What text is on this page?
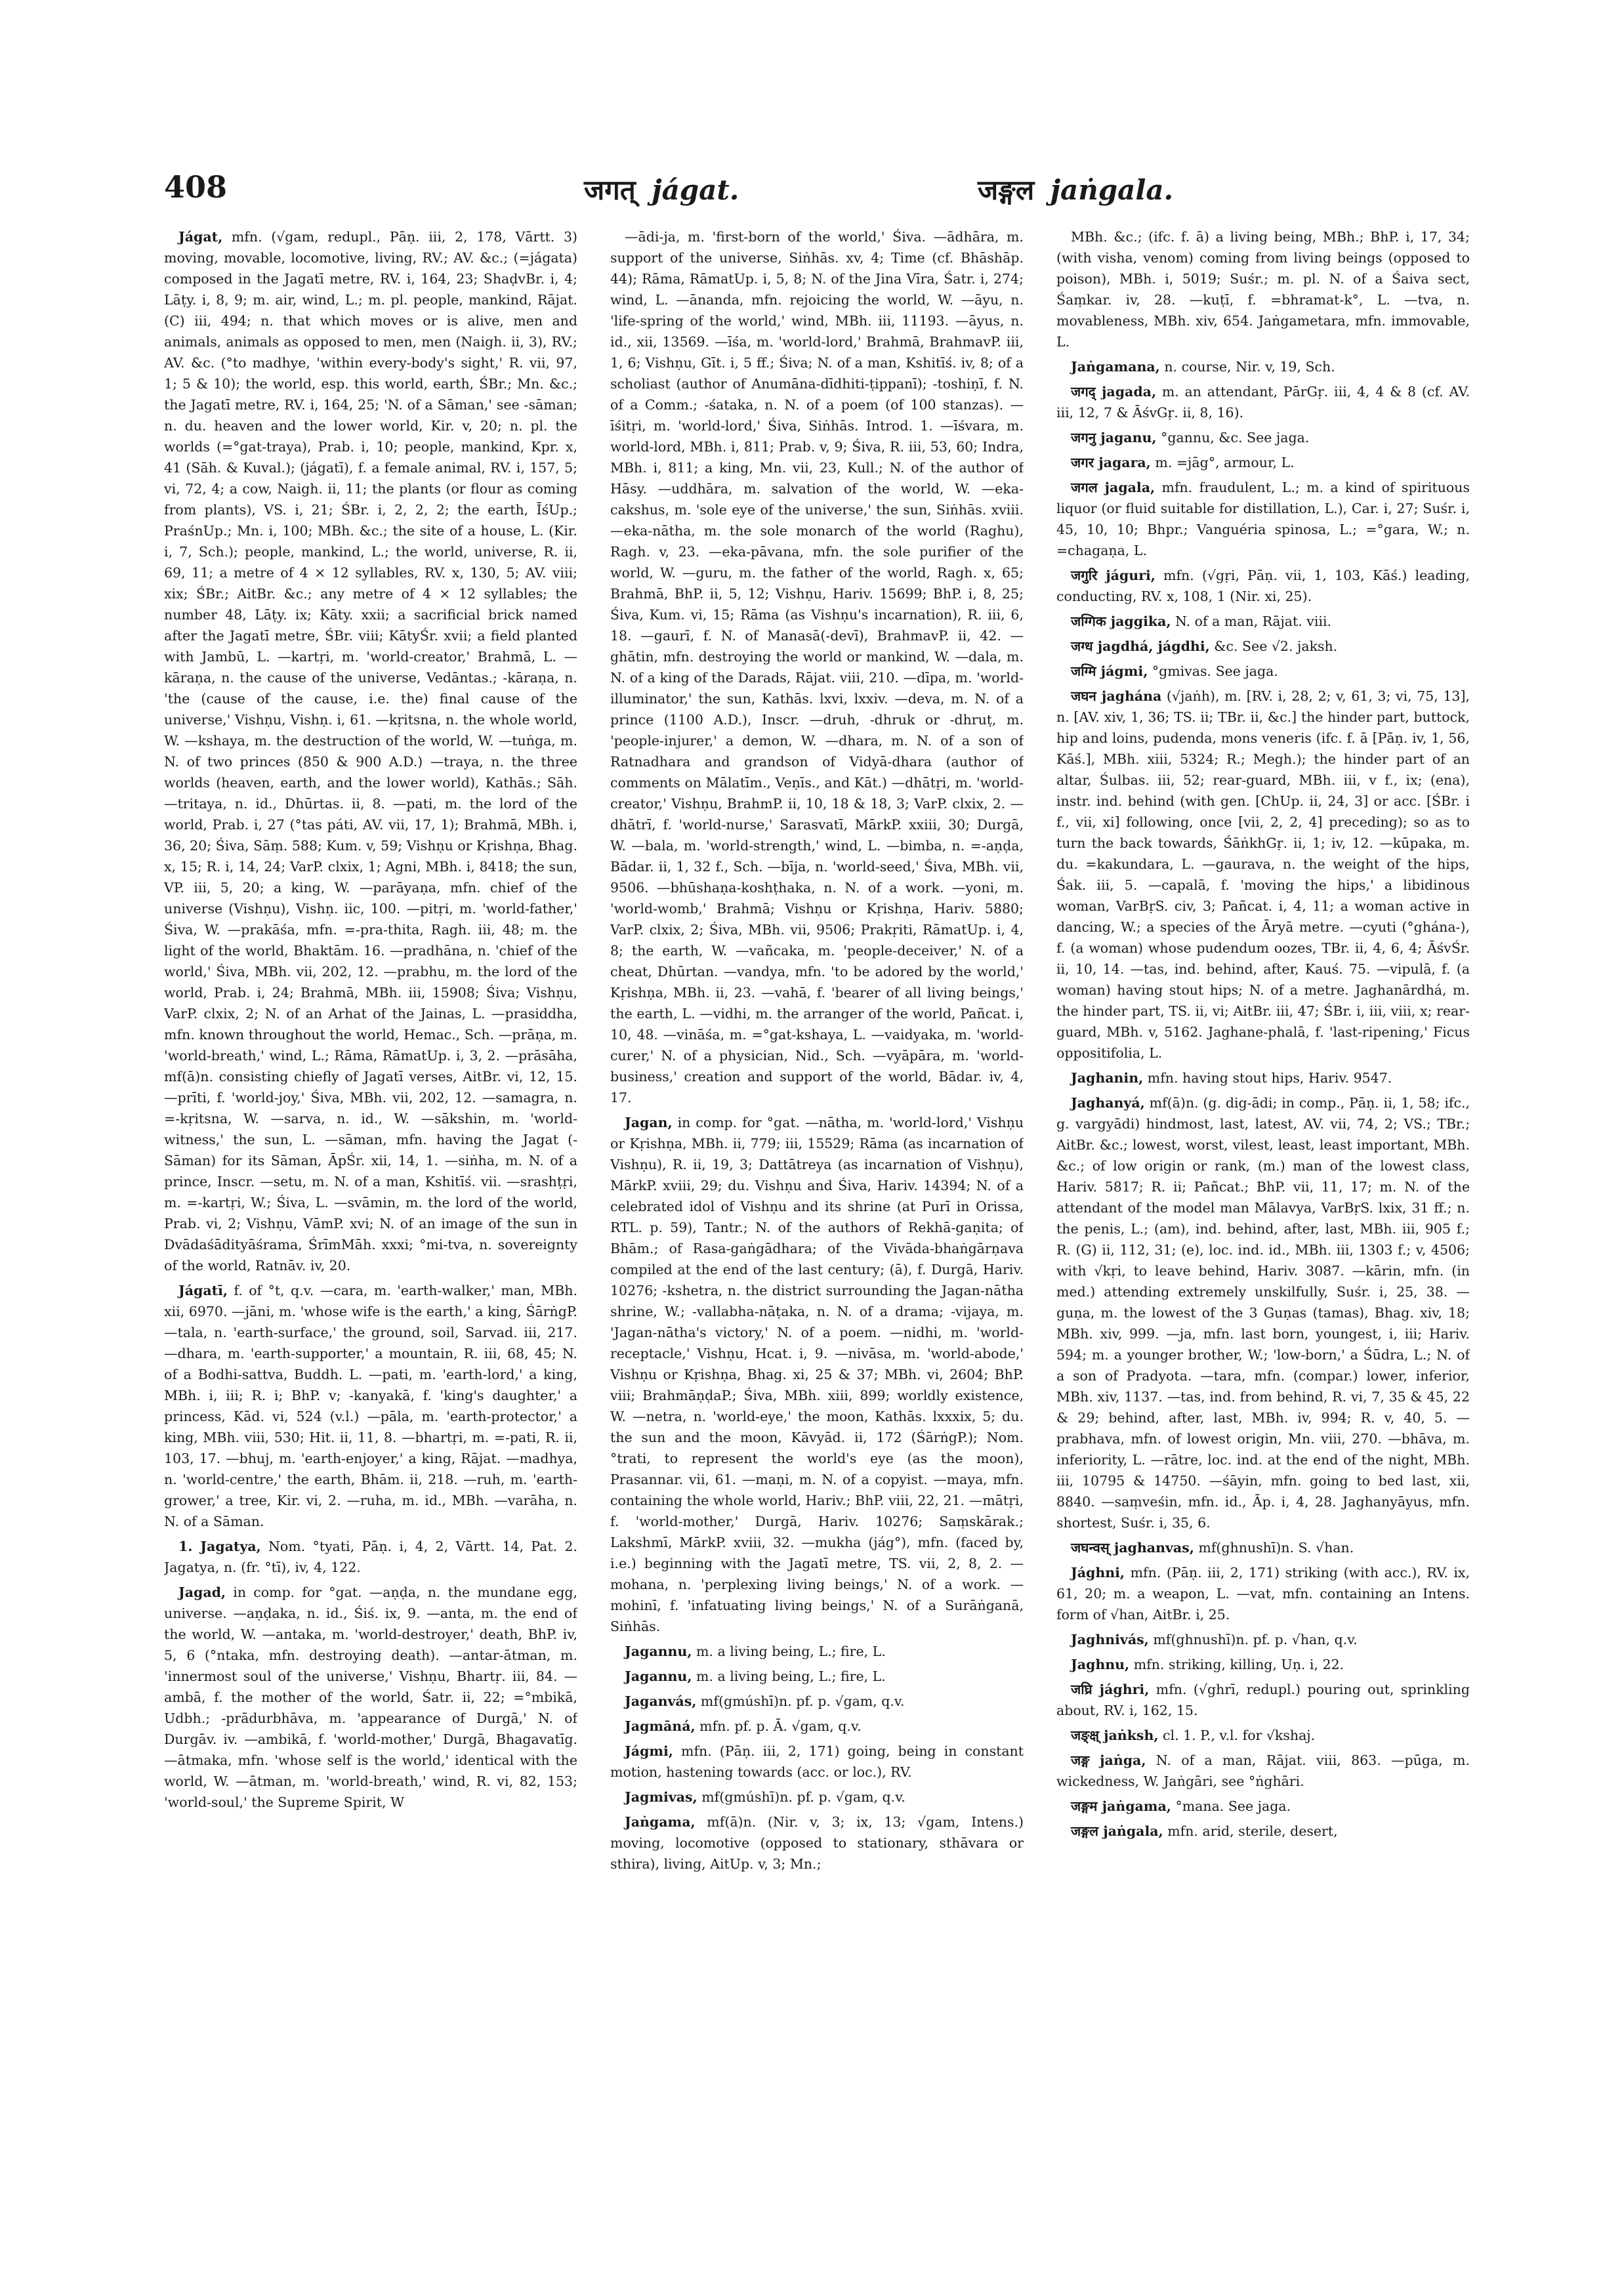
408	जगत् jágat.	जङ्गल jaṅgala.

Jágat, mfn. (√gam, redupl., Pāṇ. iii, 2, 178, Vārtt. 3) moving, movable, locomotive, living, RV.; AV. &c.; (=jágata) composed in the Jagatī metre, RV. i, 164, 23; ShaḍvBr. i, 4; Lāṭy. i, 8, 9; m. air, wind, L.; m. pl. people, mankind, Rājat. (C) iii, 494; n. that which moves or is alive, men and animals, animals as opposed to men, men (Naigh. ii, 3), RV.; AV. &c. (°to madhye, 'within every-body's sight,' R. vii, 97, 1; 5 & 10); the world, esp. this world, earth, ŚBr.; Mn. &c.; the Jagatī metre, RV. i, 164, 25; 'N. of a Sāman,' see -sāman; n. du. heaven and the lower world, Kir. v, 20; n. pl. the worlds (=°gat-traya), Prab. i, 10; people, mankind, Kpr. x, 41 (Sāh. & Kuval.); (jágatī), f. a female animal, RV. i, 157, 5; vi, 72, 4; a cow, Naigh. ii, 11; the plants (or flour as coming from plants), VS. i, 21; ŚBr. i, 2, 2, 2; the earth, ĪśUp.; PraśnUp.; Mn. i, 100; MBh. &c.; the site of a house, L. (Kir. i, 7, Sch.); people, mankind, L.; the world, universe, R. ii, 69, 11; a metre of 4 × 12 syllables, RV. x, 130, 5; AV. viii; xix; ŚBr.; AitBr. &c.; any metre of 4 × 12 syllables; the number 48, Lāṭy. ix; Kāty. xxii; a sacrificial brick named after the Jagatī metre, ŚBr. viii; KātyŚr. xvii; a field planted with Jambū, L. —kartṛi, m. 'world-creator,' Brahmā, L. —kāraṇa, n. the cause of the universe, Vedāntas.; -kāraṇa, n. 'the (cause of the cause, i.e. the) final cause of the universe,' Vishṇu, Vishṇ. i, 61. —kṛitsna, n. the whole world, W. —kshaya, m. the destruction of the world, W. —tuṅga, m. N. of two princes (850 & 900 A.D.) —traya, n. the three worlds (heaven, earth, and the lower world), Kathās.; Sāh. —tritaya, n. id., Dhūrtas. ii, 8. —pati, m. the lord of the world, Prab. i, 27 (°tas páti, AV. vii, 17, 1); Brahmā, MBh. i, 36, 20; Śiva, Sāṃ. 588; Kum. v, 59; Vishṇu or Kṛishṇa, Bhag. x, 15; R. i, 14, 24; VarP. clxix, 1; Agni, MBh. i, 8418; the sun, VP. iii, 5, 20; a king, W. —parāyaṇa, mfn. chief of the universe (Vishṇu), Vishṇ. iic, 100. —pitṛi, m. 'world-father,' Śiva, W. —prakāśa, mfn. =-pra-thita, Ragh. iii, 48; m. the light of the world, Bhaktām. 16. —pradhāna, n. 'chief of the world,' Śiva, MBh. vii, 202, 12. —prabhu, m. the lord of the world, Prab. i, 24; Brahmā, MBh. iii, 15908; Śiva; Vishṇu, VarP. clxix, 2; N. of an Arhat of the Jainas, L. —prasiddha, mfn. known throughout the world, Hemac., Sch. —prāṇa, m. 'world-breath,' wind, L.; Rāma, RāmatUp. i, 3, 2. —prāsāha, mf(ā)n. consisting chiefly of Jagatī verses, AitBr. vi, 12, 15. —prīti, f. 'world-joy,' Śiva, MBh. vii, 202, 12. —samagra, n. =-kṛitsna, W. —sarva, n. id., W. —sākshin, m. 'world-witness,' the sun, L. —sāman, mfn. having the Jagat (-Sāman) for its Sāman, ĀpŚr. xii, 14, 1. —siṅha, m. N. of a prince, Inscr. —setu, m. N. of a man, Kshitīś. vii. —srashṭṛi, m. =-kartṛi, W.; Śiva, L. —svāmin, m. the lord of the world, Prab. vi, 2; Vishṇu, VāmP. xvi; N. of an image of the sun in Dvādaśādityāśrama, ŚrīmMāh. xxxi; °mi-tva, n. sovereignty of the world, Ratnāv. iv, 20.

Jágatī, f. of °t, q.v. —cara, m. 'earth-walker,' man, MBh. xii, 6970. —jāni, m. 'whose wife is the earth,' a king, ŚārṅgP. —tala, n. 'earth-surface,' the ground, soil, Sarvad. iii, 217. —dhara, m. 'earth-supporter,' a mountain, R. iii, 68, 45; N. of a Bodhi-sattva, Buddh. L. —pati, m. 'earth-lord,' a king, MBh. i, iii; R. i; BhP. v; -kanyakā, f. 'king's daughter,' a princess, Kād. vi, 524 (v.l.) —pāla, m. 'earth-protector,' a king, MBh. viii, 530; Hit. ii, 11, 8. —bhartṛi, m. =-pati, R. ii, 103, 17. —bhuj, m. 'earth-enjoyer,' a king, Rājat. —madhya, n. 'world-centre,' the earth, Bhām. ii, 218. —ruh, m. 'earth-grower,' a tree, Kir. vi, 2. —ruha, m. id., MBh. —varāha, n. N. of a Sāman.

1. Jagatya, Nom. °tyati, Pāṇ. i, 4, 2, Vārtt. 14, Pat. 2. Jagatya, n. (fr. °tī), iv, 4, 122.

Jagad, in comp. for °gat. —aṇḍa, n. the mundane egg, universe. —aṇḍaka, n. id., Śiś. ix, 9. —anta, m. the end of the world, W. —antaka, m. 'world-destroyer,' death, BhP. iv, 5, 6 (°ntaka, mfn. destroying death). —antar-ātman, m. 'innermost soul of the universe,' Vishṇu, Bhartṛ. iii, 84. —ambā, f. the mother of the world, Śatr. ii, 22; =°mbikā, Udbh.; -prādurbhāva, m. 'appearance of Durgā,' N. of Durgāv. iv. —ambikā, f. 'world-mother,' Durgā, Bhagavatīg. —ātmaka, mfn. 'whose self is the world,' identical with the world, W. —ātman, m. 'world-breath,' wind, R. vi, 82, 153; 'world-soul,' the Supreme Spirit, W

—ādi-ja, m. 'first-born of the world,' Śiva. —ādhāra, m. support of the universe, Siṅhās. xv, 4; Time (cf. Bhāshāp. 44); Rāma, RāmatUp. i, 5, 8; N. of the Jina Vīra, Śatr. i, 274; wind, L. —ānanda, mfn. rejoicing the world, W. —āyu, n. 'life-spring of the world,' wind, MBh. iii, 11193. —āyus, n. id., xii, 13569. —īśa, m. 'world-lord,' Brahmā, BrahmavP. iii, 1, 6; Vishṇu, Gīt. i, 5 ff.; Śiva; N. of a man, Kshitīś. iv, 8; of a scholiast (author of Anumāna-dīdhiti-ṭippanī); -toshiṇī, f. N. of a Comm.; -śataka, n. N. of a poem (of 100 stanzas). —īśitṛi, m. 'world-lord,' Śiva, Siṅhās. Introd. 1. —īśvara, m. world-lord, MBh. i, 811; Prab. v, 9; Śiva, R. iii, 53, 60; Indra, MBh. i, 811; a king, Mn. vii, 23, Kull.; N. of the author of Hāsy. —uddhāra, m. salvation of the world, W. —eka-cakshus, m. 'sole eye of the universe,' the sun, Siṅhās. xviii. —eka-nātha, m. the sole monarch of the world (Raghu), Ragh. v, 23. —eka-pāvana, mfn. the sole purifier of the world, W. —guru, m. the father of the world, Ragh. x, 65; Brahmā, BhP. ii, 5, 12; Vishṇu, Hariv. 15699; BhP. i, 8, 25; Śiva, Kum. vi, 15; Rāma (as Vishṇu's incarnation), R. iii, 6, 18. —gaurī, f. N. of Manasā(-devī), BrahmavP. ii, 42. —ghātin, mfn. destroying the world or mankind, W. —dala, m. N. of a king of the Darads, Rājat. viii, 210. —dīpa, m. 'world-illuminator,' the sun, Kathās. lxvi, lxxiv. —deva, m. N. of a prince (1100 A.D.), Inscr. —druh, -dhruk or -dhruṭ, m. 'people-injurer,' a demon, W. —dhara, m. N. of a son of Ratnadhara and grandson of Vidyā-dhara (author of comments on Mālatīm., Veṇīs., and Kāt.) —dhātṛi, m. 'world-creator,' Vishṇu, BrahmP. ii, 10, 18 & 18, 3; VarP. clxix, 2. —dhātrī, f. 'world-nurse,' Sarasvatī, MārkP. xxiii, 30; Durgā, W. —bala, m. 'world-strength,' wind, L. —bimba, n. =-aṇḍa, Bādar. ii, 1, 32 f., Sch. —bīja, n. 'world-seed,' Śiva, MBh. vii, 9506. —bhūshaṇa-koshṭhaka, n. N. of a work. —yoni, m. 'world-womb,' Brahmā; Vishṇu or Kṛishṇa, Hariv. 5880; VarP. clxix, 2; Śiva, MBh. vii, 9506; Prakṛiti, RāmatUp. i, 4, 8; the earth, W. —vañcaka, m. 'people-deceiver,' N. of a cheat, Dhūrtan. —vandya, mfn. 'to be adored by the world,' Kṛishṇa, MBh. ii, 23. —vahā, f. 'bearer of all living beings,' the earth, L. —vidhi, m. the arranger of the world, Pañcat. i, 10, 48. —vināśa, m. =°gat-kshaya, L. —vaidyaka, m. 'world-curer,' N. of a physician, Nid., Sch. —vyāpāra, m. 'world-business,' creation and support of the world, Bādar. iv, 4, 17.

Jagan, in comp. for °gat. —nātha, m. 'world-lord,' Vishṇu or Kṛishṇa, MBh. ii, 779; iii, 15529; Rāma (as incarnation of Vishṇu), R. ii, 19, 3; Dattātreya (as incarnation of Vishṇu), MārkP. xviii, 29; du. Vishṇu and Śiva, Hariv. 14394; N. of a celebrated idol of Vishṇu and its shrine (at Purī in Orissa, RTL. p. 59), Tantr.; N. of the authors of Rekhā-gaṇita; of Bhām.; of Rasa-gaṅgādhara; of the Vivāda-bhaṅgārṇava compiled at the end of the last century; (ā), f. Durgā, Hariv. 10276; -kshetra, n. the district surrounding the Jagan-nātha shrine, W.; -vallabha-nāṭaka, n. N. of a drama; -vijaya, m. 'Jagan-nātha's victory,' N. of a poem. —nidhi, m. 'world-receptacle,' Vishṇu, Hcat. i, 9. —nivāsa, m. 'world-abode,' Vishṇu or Kṛishṇa, Bhag. xi, 25 & 37; MBh. vi, 2604; BhP. viii; BrahmāṇḍaP.; Śiva, MBh. xiii, 899; worldly existence, W. —netra, n. 'world-eye,' the moon, Kathās. lxxxix, 5; du. the sun and the moon, Kāvyād. ii, 172 (ŚārṅgP.); Nom. °trati, to represent the world's eye (as the moon), Prasannar. vii, 61. —maṇi, m. N. of a copyist. —maya, mfn. containing the whole world, Hariv.; BhP. viii, 22, 21. —mātṛi, f. 'world-mother,' Durgā, Hariv. 10276; Saṃskārak.; Lakshmī, MārkP. xviii, 32. —mukha (jág°), mfn. (faced by, i.e.) beginning with the Jagatī metre, TS. vii, 2, 8, 2. —mohana, n. 'perplexing living beings,' N. of a work. —mohinī, f. 'infatuating living beings,' N. of a Surāṅganā, Siṅhās.

Jagannu, m. a living being, L.; fire, L.

Jagannu, m. a living being, L.; fire, L.

Jaganvás, mf(gmúshī)n. pf. p. √gam, q.v.

Jagmāná, mfn. pf. p. Ā. √gam, q.v.

Jágmi, mfn. (Pāṇ. iii, 2, 171) going, being in constant motion, hastening towards (acc. or loc.), RV.

Jagmivas, mf(gmúshī)n. pf. p. √gam, q.v.

Jaṅgama, mf(ā)n. (Nir. v, 3; ix, 13; √gam, Intens.) moving, locomotive (opposed to stationary, sthāvara or sthira), living, AitUp. v, 3; Mn.;

MBh. &c.; (ifc. f. ā) a living being, MBh.; BhP. i, 17, 34; (with visha, venom) coming from living beings (opposed to poison), MBh. i, 5019; Suśr.; m. pl. N. of a Śaiva sect, Śaṃkar. iv, 28. —kuṭī, f. =bhramat-k°, L. —tva, n. movableness, MBh. xiv, 654. Jaṅgametara, mfn. immovable, L.

Jaṅgamana, n. course, Nir. v, 19, Sch.

जगद् jagada, m. an attendant, PārGṛ. iii, 4, 4 & 8 (cf. AV. iii, 12, 7 & ĀśvGṛ. ii, 8, 16).

जगनु jaganu, °gannu, &c. See jaga.

जगर jagara, m. =jāg°, armour, L.

जगल jagala, mfn. fraudulent, L.; m. a kind of spirituous liquor (or fluid suitable for distillation, L.), Car. i, 27; Suśr. i, 45, 10, 10; Bhpr.; Vanguéria spinosa, L.; =°gara, W.; n. =chagaṇa, L.

जगुरि jáguri, mfn. (√gṛi, Pāṇ. vii, 1, 103, Kāś.) leading, conducting, RV. x, 108, 1 (Nir. xi, 25).

जग्गिक jaggika, N. of a man, Rājat. viii.

जग्ध jagdhá, jágdhi, &c. See √2. jaksh.

जग्मि jágmi, °gmivas. See jaga.

जघन jaghána (√jaṅh), m. [RV. i, 28, 2; v, 61, 3; vi, 75, 13], n. [AV. xiv, 1, 36; TS. ii; TBr. ii, &c.] the hinder part, buttock, hip and loins, pudenda, mons veneris (ifc. f. ā [Pāṇ. iv, 1, 56, Kāś.], MBh. xiii, 5324; R.; Megh.); the hinder part of an altar, Śulbas. iii, 52; rear-guard, MBh. iii, v f., ix; (ena), instr. ind. behind (with gen. [ChUp. ii, 24, 3] or acc. [ŚBr. i f., vii, xi] following, once [vii, 2, 2, 4] preceding); so as to turn the back towards, ŚāṅkhGṛ. ii, 1; iv, 12. —kūpaka, m. du. =kakundara, L. —gaurava, n. the weight of the hips, Śak. iii, 5. —capalā, f. 'moving the hips,' a libidinous woman, VarBṛS. civ, 3; Pañcat. i, 4, 11; a woman active in dancing, W.; a species of the Āryā metre. —cyuti (°ghána-), f. (a woman) whose pudendum oozes, TBr. ii, 4, 6, 4; ĀśvŚr. ii, 10, 14. —tas, ind. behind, after, Kauś. 75. —vipulā, f. (a woman) having stout hips; N. of a metre. Jaghanārdhá, m. the hinder part, TS. ii, vi; AitBr. iii, 47; ŚBr. i, iii, viii, x; rear-guard, MBh. v, 5162. Jaghane-phalā, f. 'last-ripening,' Ficus oppositifolia, L.

Jaghanin, mfn. having stout hips, Hariv. 9547.

Jaghanyá, mf(ā)n. (g. dig-ādi; in comp., Pāṇ. ii, 1, 58; ifc., g. vargyādi) hindmost, last, latest, AV. vii, 74, 2; VS.; TBr.; AitBr. &c.; lowest, worst, vilest, least, least important, MBh. &c.; of low origin or rank, (m.) man of the lowest class, Hariv. 5817; R. ii; Pañcat.; BhP. vii, 11, 17; m. N. of the attendant of the model man Mālavya, VarBṛS. lxix, 31 ff.; n. the penis, L.; (am), ind. behind, after, last, MBh. iii, 905 f.; R. (G) ii, 112, 31; (e), loc. ind. id., MBh. iii, 1303 f.; v, 4506; with √kṛi, to leave behind, Hariv. 3087. —kārin, mfn. (in med.) attending extremely unskilfully, Suśr. i, 25, 38. —guṇa, m. the lowest of the 3 Guṇas (tamas), Bhag. xiv, 18; MBh. xiv, 999. —ja, mfn. last born, youngest, i, iii; Hariv. 594; m. a younger brother, W.; 'low-born,' a Śūdra, L.; N. of a son of Pradyota. —tara, mfn. (compar.) lower, inferior, MBh. xiv, 1137. —tas, ind. from behind, R. vi, 7, 35 & 45, 22 & 29; behind, after, last, MBh. iv, 994; R. v, 40, 5. —prabhava, mfn. of lowest origin, Mn. viii, 270. —bhāva, m. inferiority, L. —rātre, loc. ind. at the end of the night, MBh. iii, 10795 & 14750. —śāyin, mfn. going to bed last, xii, 8840. —saṃveśin, mfn. id., Āp. i, 4, 28. Jaghanyāyus, mfn. shortest, Suśr. i, 35, 6.

जघन्वस् jaghanvas, mf(ghnushī)n. S. √han.

Jághni, mfn. (Pāṇ. iii, 2, 171) striking (with acc.), RV. ix, 61, 20; m. a weapon, L. —vat, mfn. containing an Intens. form of √han, AitBr. i, 25.

Jaghnivás, mf(ghnushī)n. pf. p. √han, q.v.

Jaghnu, mfn. striking, killing, Uṇ. i, 22.

जघ्रि jághri, mfn. (√ghrī, redupl.) pouring out, sprinkling about, RV. i, 162, 15.

जङ्क्ष् jaṅksh, cl. 1. P., v.l. for √kshaj.

जङ्ग jaṅga, N. of a man, Rājat. viii, 863. —pūga, m. wickedness, W. Jaṅgāri, see °ṅghāri.

जङ्गम jaṅgama, °mana. See jaga.

जङ्गल jaṅgala, mfn. arid, sterile, desert,
